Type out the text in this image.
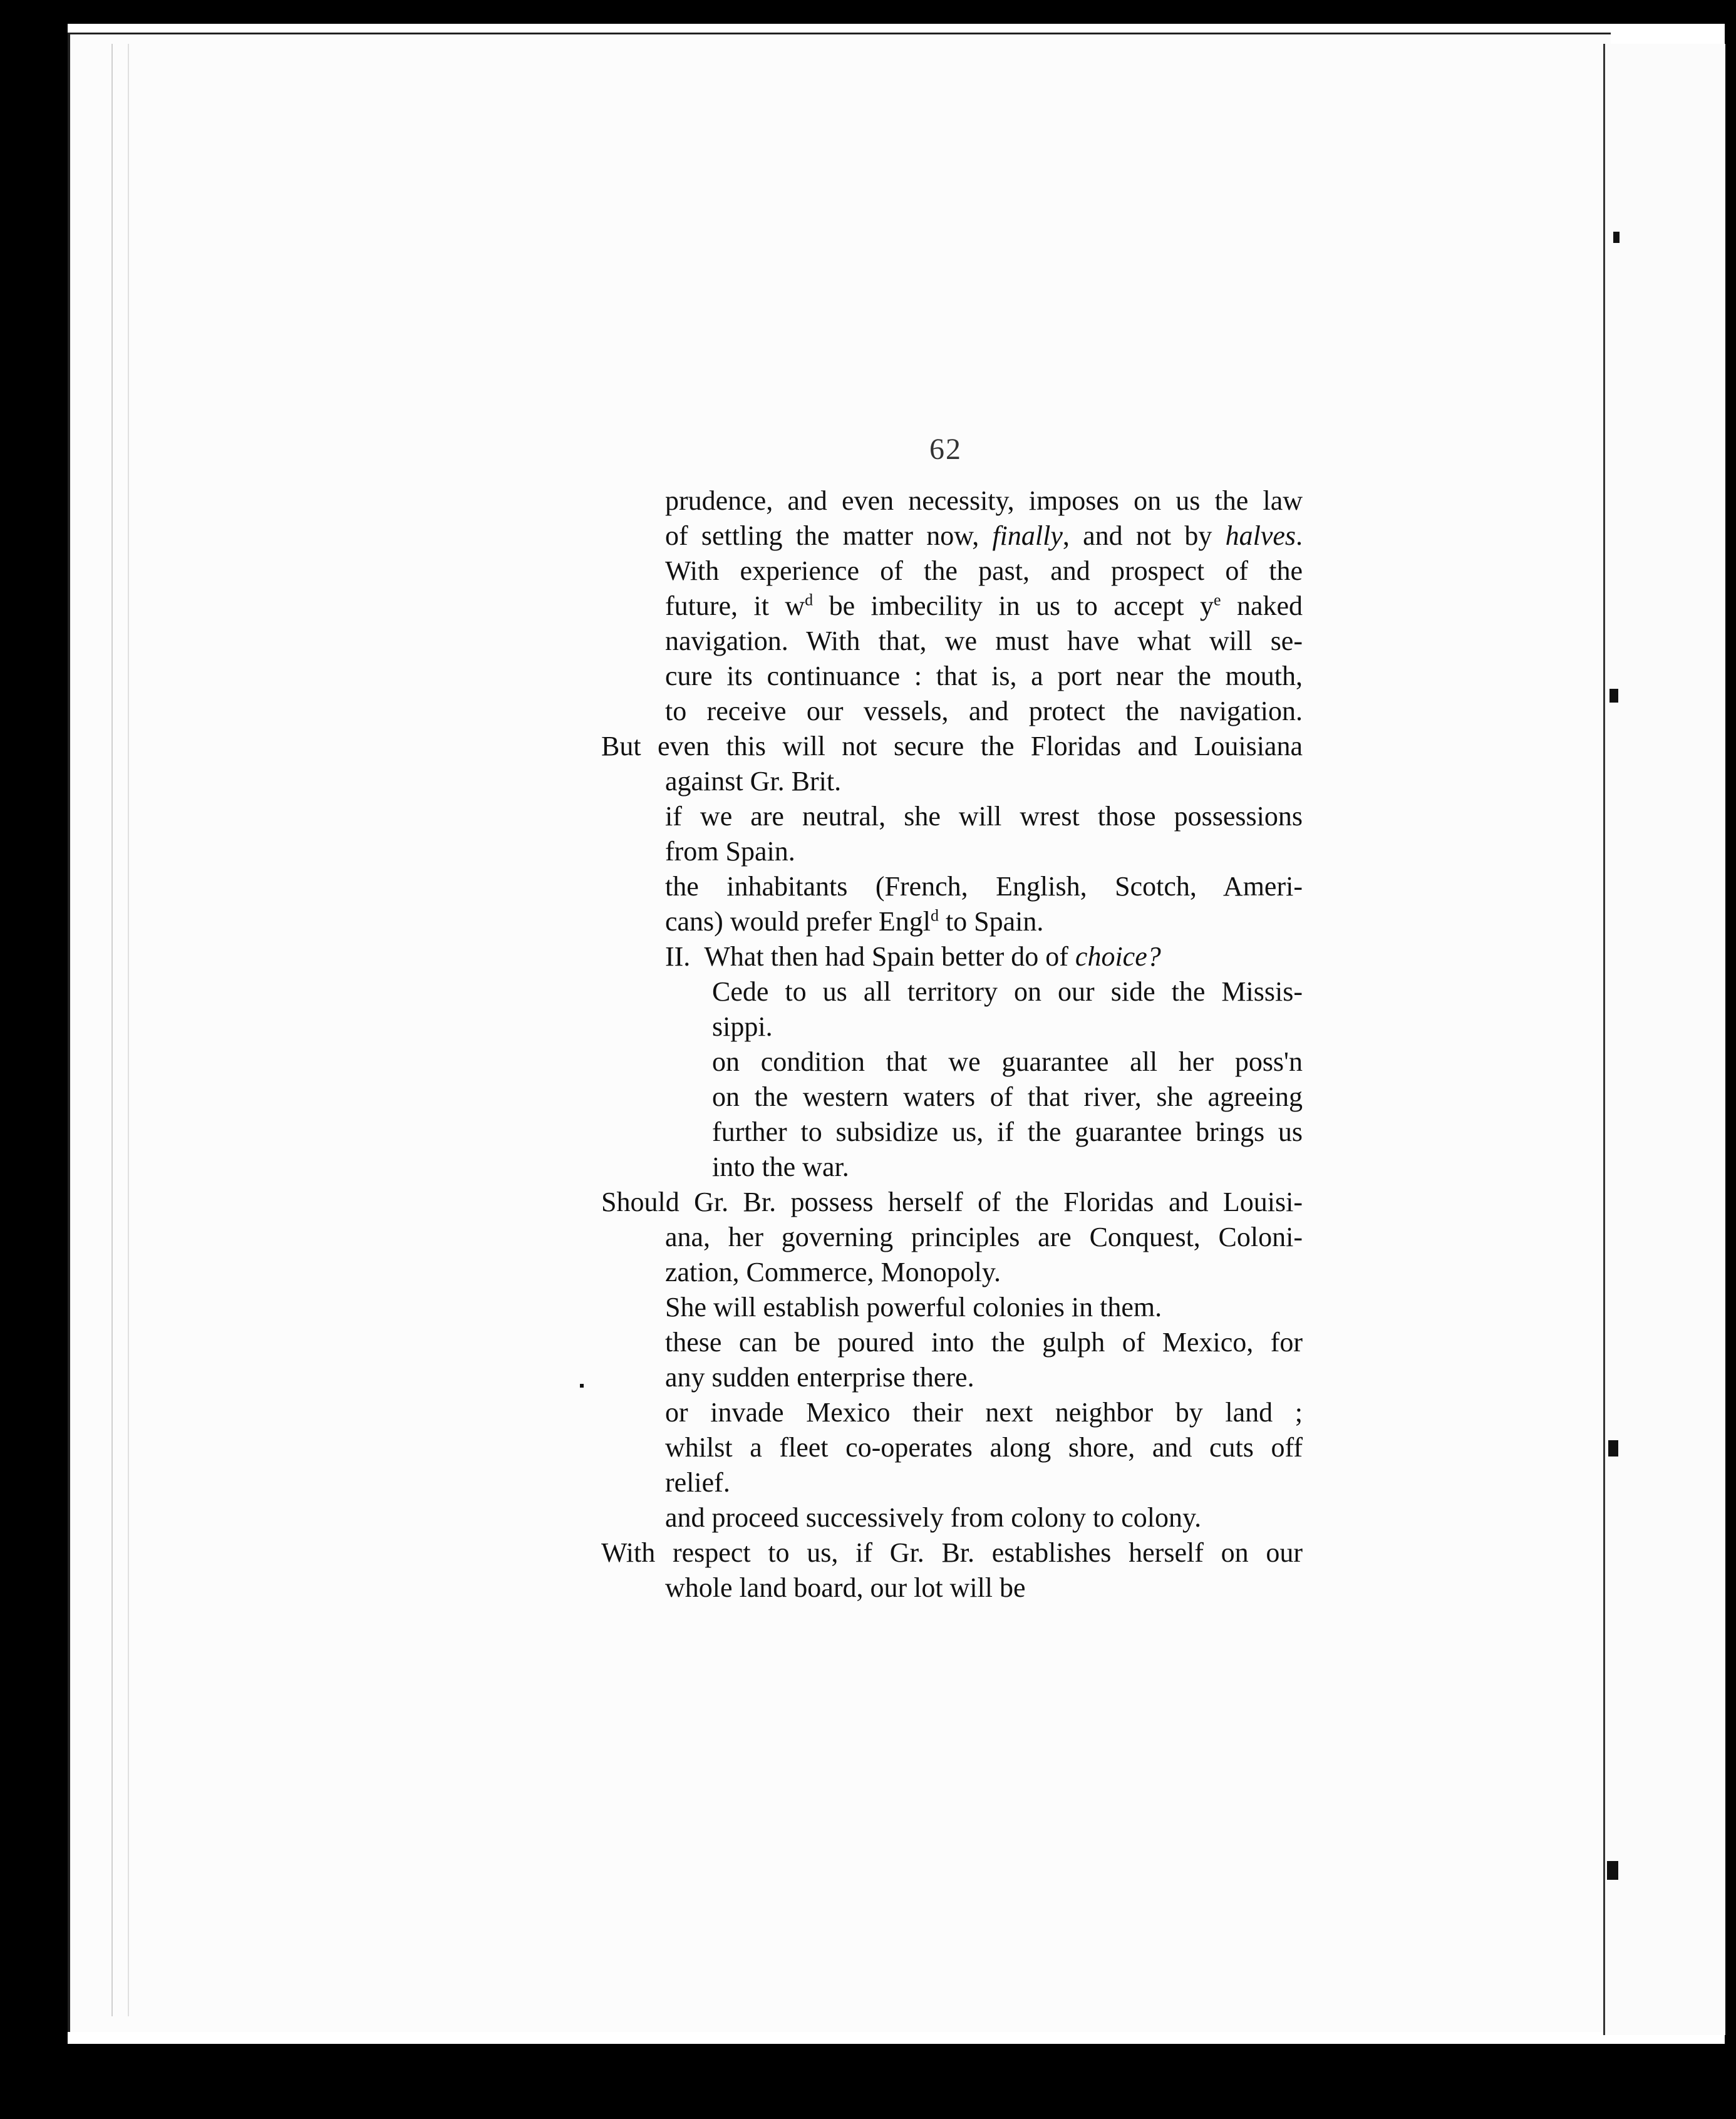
62
prudence, and even necessity, imposes on us the law
of settling the matter now, finally, and not by halves.
With experience of the past, and prospect of the
future, it $w^d$ be imbecility in us to accept $y^e$ naked
navigation. With that, we must have what will se-
cure its continuance : that is, a port near the mouth,
to receive our vessels, and protect the navigation.
But even this will not secure the Floridas and Louisiana
against Gr. Brit.
if we are neutral, she will wrest those possessions
from Spain.
the inhabitants (French, English, Scotch, Ameri-
cans) would prefer Engl$^d$ to Spain.
II. What then had Spain better do of choice?
Cede to us all territory on our side the Missis-
sippi.
on condition that we guarantee all her poss'n
on the western waters of that river, she agreeing
further to subsidize us, if the guarantee brings us
into the war.
Should Gr. Br. possess herself of the Floridas and Louisi-
ana, her governing principles are Conquest, Coloni-
zation, Commerce, Monopoly.
She will establish powerful colonies in them.
these can be poured into the gulph of Mexico, for
any sudden enterprise there.
or invade Mexico their next neighbor by land ;
whilst a fleet co-operates along shore, and cuts off
relief.
and proceed successively from colony to colony.
With respect to us, if Gr. Br. establishes herself on our
whole land board, our lot will be
